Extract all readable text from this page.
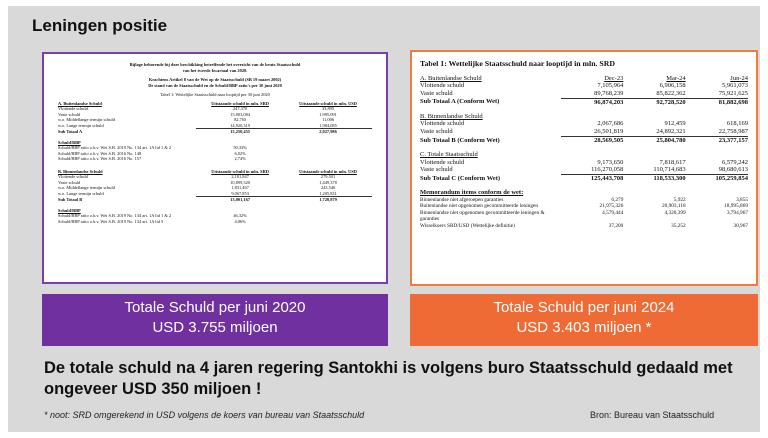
Leningen positie
Bijlage behorende bij deze beschikking betreffende het overzicht van de bruto Staatsschuld
van het tweede kwartaal van 2020.
Krachtens Artikel 8 van de Wet op de Staatsschuld (SB 19 maart 2002)
De stand van de Staatsschuld en de Schuld/BBP ratio's per 30 juni 2020
Tabel 1: Wettelijke Staatsschuld naar looptijd per 30 juni 2020
A. Buitenlandse Schuld	Uitstaande schuld in mln. SRD	Uitstaande schuld in mln. USD
Vlottende schuld	247,370	33,895
Vaste schuld	15,003,084	1,995,091
w.o. Middellange termijn schuld	82,765	11,006
w.o. Lange termijn schuld	14,920,319	1,984,085
Sub Totaal A	15,250,455	2,027,986

Schuld/BBP		
Schuld/BBP ratio o.b.v. Wet S.B. 2019 No. 134 art. 1A lid 1 & 2	50,33%	
Schuld/BBP ratio o.b.v. Wet S.B. 2016 No. 148	6,02%	
Schuld/BBP ratio o.b.v. Wet S.B. 2016 No. 157	2,74%	

B. Binnenlandse Schuld	Uitstaande schuld in mln. SRD	Uitstaande schuld in mln. USD
Vlottende schuld	2,101,847	279,501
Vaste schuld	10,899,320	1,449,378
w.o. Middellange termijn schuld	1,831,467	243,546
w.o. Lange termijn schuld	9,067,853	1,205,831
Sub Totaal B	13,001,167	1,728,879

Schuld/BBP		
Schuld/BBP ratio o.b.v. Wet S.B. 2019 No. 134 art. 1A lid 1 & 2	46,32%	
Schuld/BBP ratio o.b.v. Wet S.B. 2019 No. 134 art. 1A lid 5	4,06%	

Tabel 1: Wettelijke Staatsschuld naar looptijd in mln. SRD
A. Buitenlandse Schuld	Dec-23	Mar-24	Jun-24
Vlottende schuld	7,105,964	6,906,158	5,961,073
Vaste schuld	89,768,239	85,822,362	75,921,625
Sub Totaal A (Conform Wet)	96,874,203	92,728,520	81,882,698

B. Binnenlandse Schuld			
Vlottende schuld	2,067,686	912,459	618,169
Vaste schuld	26,501,819	24,892,321	22,758,987
Sub Totaal B (Conform Wet)	28,569,505	25,804,780	23,377,157

C. Totale Staatsschuld			
Vlottende schuld	9,173,650	7,818,617	6,579,242
Vaste schuld	116,270,058	110,714,683	98,680,613
Sub Totaal C (Conform Wet)	125,443,708	118,533,300	105,259,854

Memorandum items conform de wet:			
Binnenlandse niet afgeroepen garanties	6,279	5,922	3,855
Buitenlandse niet opgenomen gecommitteerde leningen	21,975,326	20,903,118	18,995,869
Binnenlandse niet opgenomen gecommitteerde leningen & garanties	4,579,444	4,320,399	3,794,967
Wisselkoers SRD/USD (Wettelijke definitie)	37,200	35,252	30,967
Totale Schuld per juni 2020
USD 3.755 miljoen
Totale Schuld per juni 2024
USD 3.403 miljoen *
De totale schuld na 4 jaren regering Santokhi is volgens buro Staatsschuld gedaald met ongeveer USD 350 miljoen !
* noot: SRD omgerekend in USD volgens de koers van bureau van Staatsschuld	Bron: Bureau van Staatsschuld
